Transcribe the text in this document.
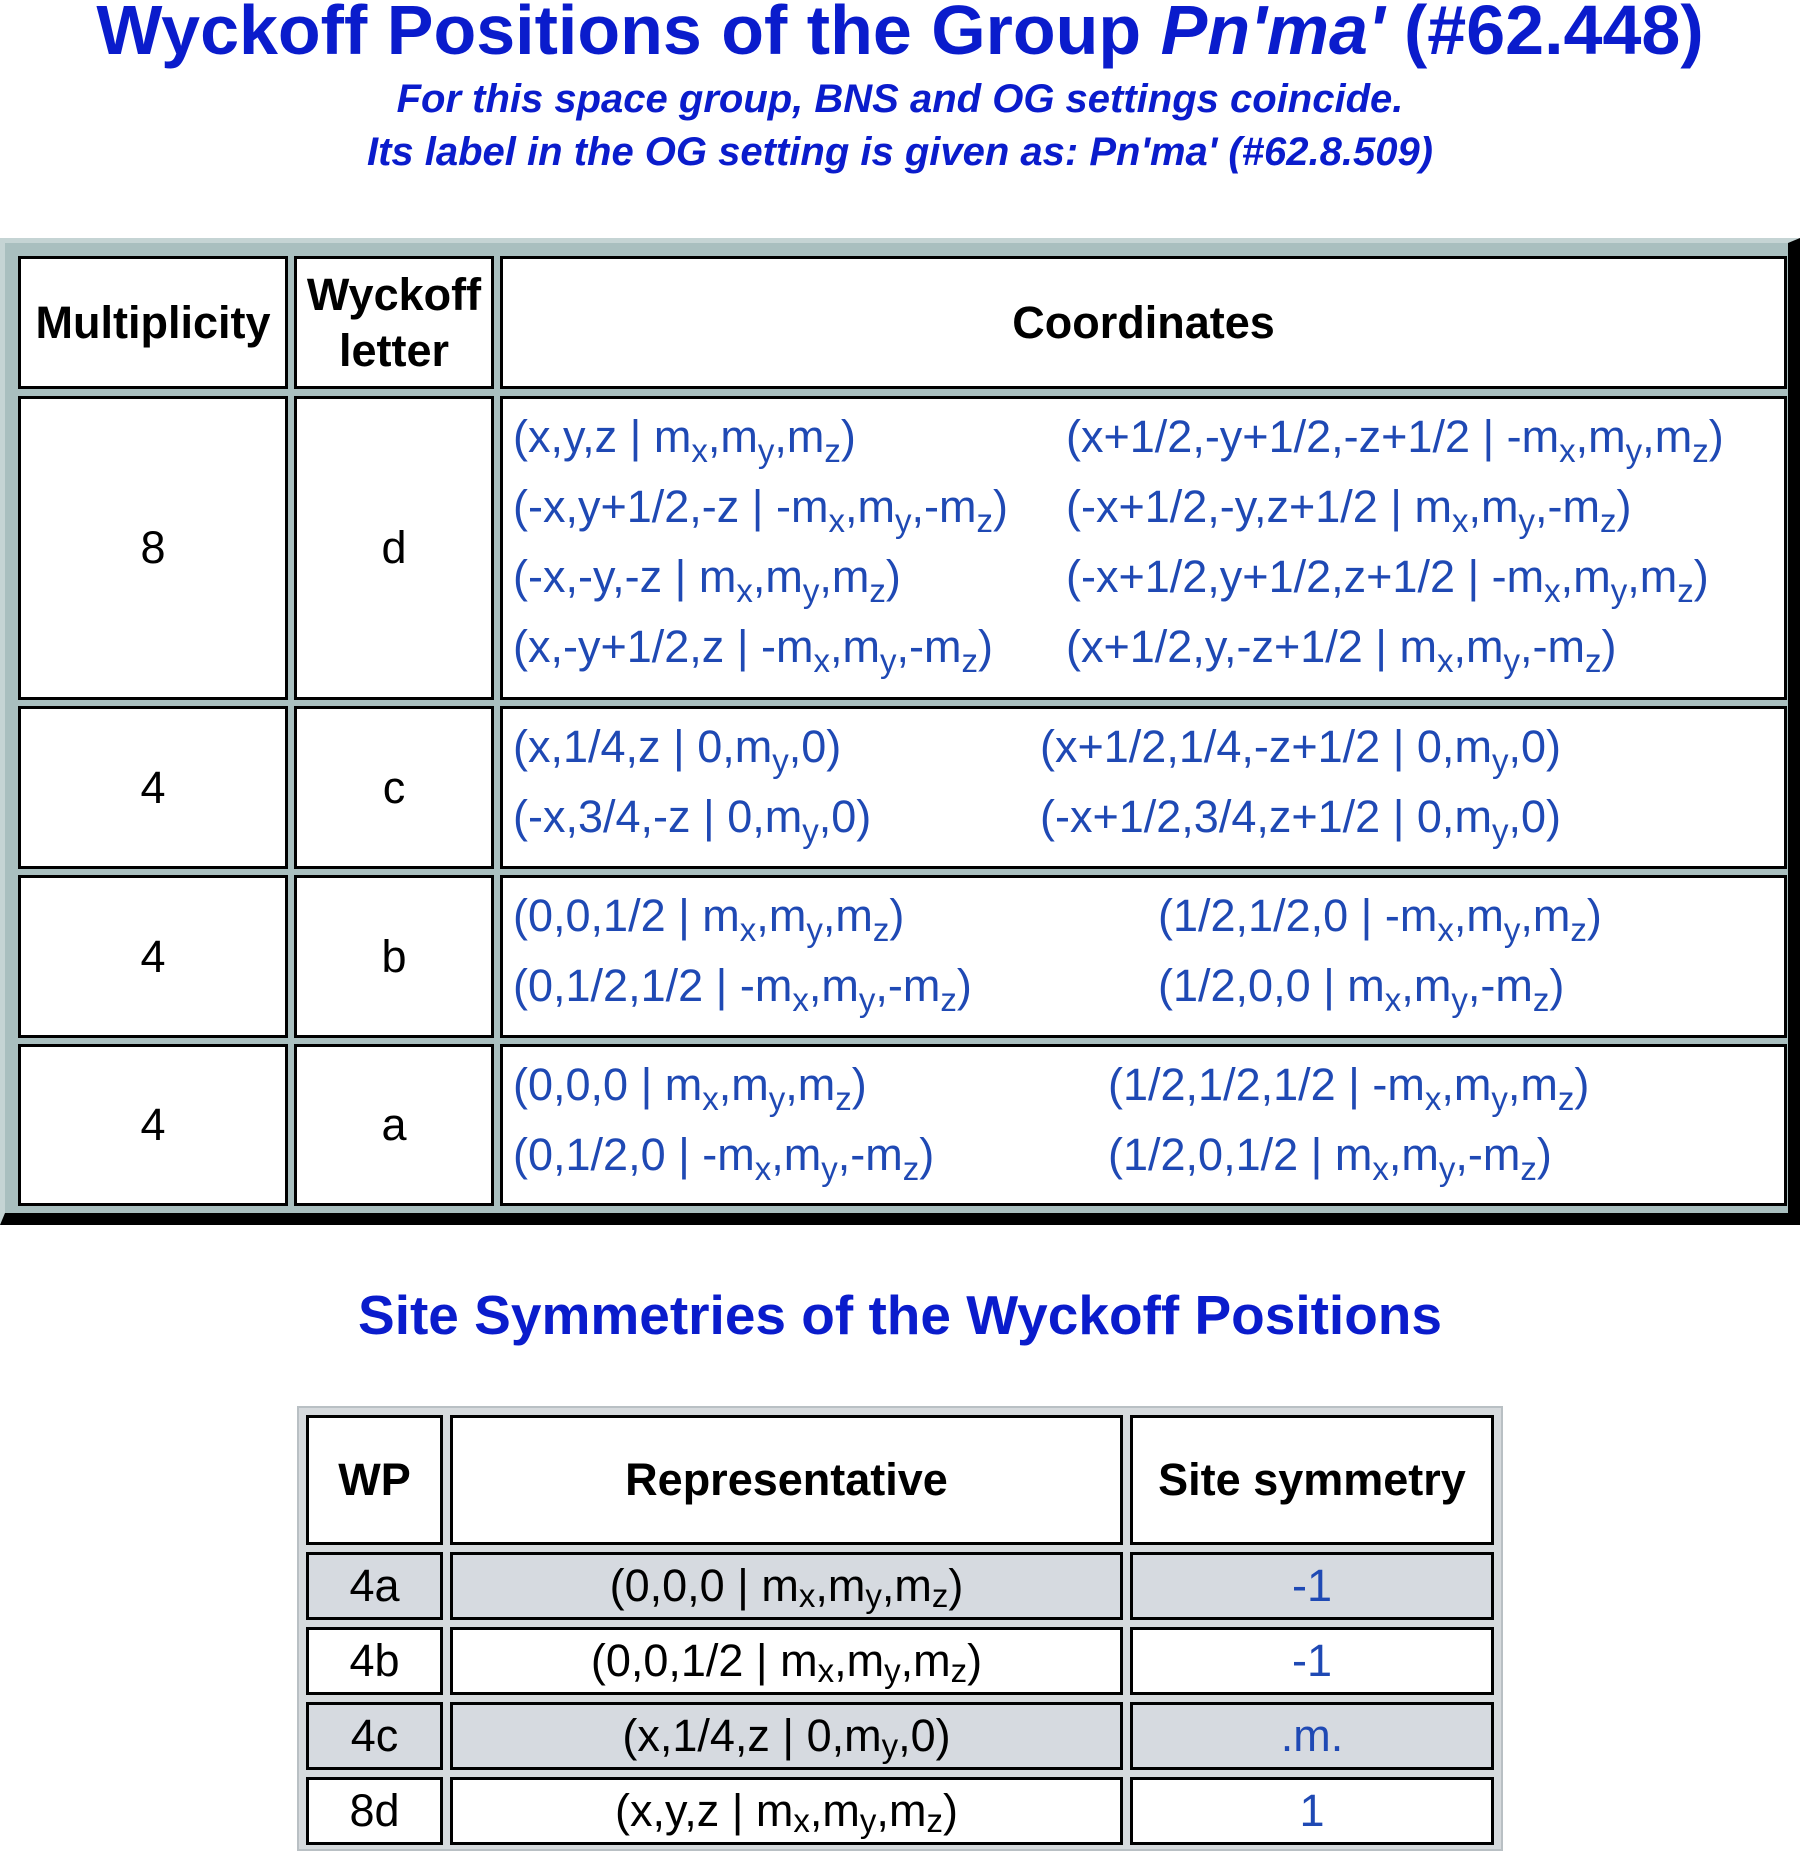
Wyckoff Positions of the Group Pn'ma' (#62.448)
For this space group, BNS and OG settings coincide.
Its label in the OG setting is given as: Pn'ma' (#62.8.509)
Multiplicity
Wyckoff letter
Coordinates
8	d
(x,y,z | $m_x,m_y,m_z$)	(x+1/2,-y+1/2,-z+1/2 | $-m_x,m_y,m_z$)
(-x,y+1/2,-z | $-m_x,m_y,-m_z$) (-x+1/2,-y,z+1/2 | $m_x,m_y,-m_z$)
(-x,-y,-z | $m_x,m_y,m_z$)	(-x+1/2,y+1/2,z+1/2 | $-m_x,m_y,m_z$)
(x,-y+1/2,z | $-m_x,m_y,-m_z$) (x+1/2,y,-z+1/2 | $m_x,m_y,-m_z$)
4	c
(x,1/4,z | $0,m_y,0$)	(x+1/2,1/4,-z+1/2 | $0,m_y,0$)
(-x,3/4,-z | $0,m_y,0$)	(-x+1/2,3/4,z+1/2 | $0,m_y,0$)
4	b
(0,0,1/2 | $m_x,m_y,m_z$)	(1/2,1/2,0 | $-m_x,m_y,m_z$)
(0,1/2,1/2 | $-m_x,m_y,-m_z$)	(1/2,0,0 | $m_x,m_y,-m_z$)
4	a
(0,0,0 | $m_x,m_y,m_z$)	(1/2,1/2,1/2 | $-m_x,m_y,m_z$)
(0,1/2,0 | $-m_x,m_y,-m_z$)	(1/2,0,1/2 | $m_x,m_y,-m_z$)
Site Symmetries of the Wyckoff Positions
WP	Representative	Site symmetry
4a	(0,0,0 | m x ,m y ,m z )	-1
4b	(0,0,1/2 | m x ,m y ,m z )	-1
4c	(x,1/4,z | 0,m y ,0)	.m.
8d	(x,y,z | m x ,m y ,m z )	1
